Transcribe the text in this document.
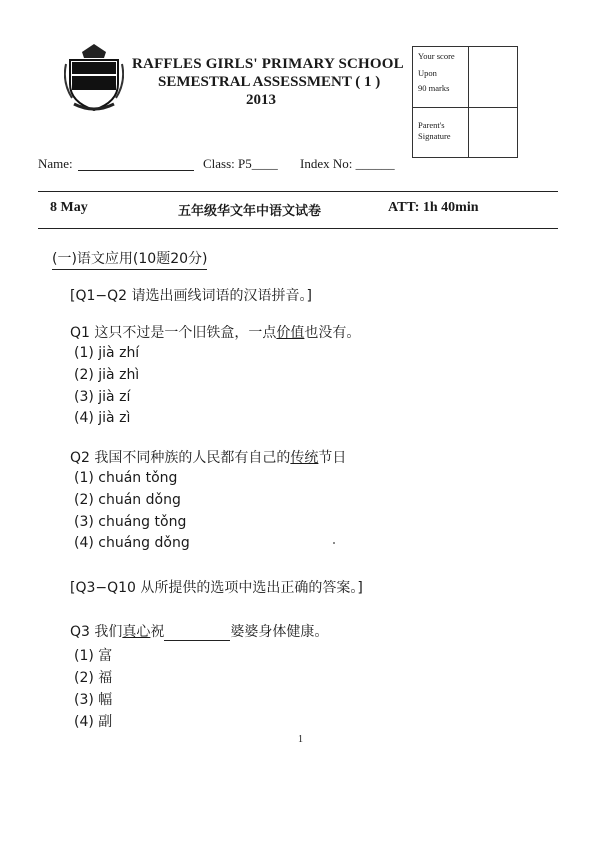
RAFFLES GIRLS' PRIMARY SCHOOL
SEMESTRAL ASSESSMENT ( 1 )
2013
Your score
Upon
90 marks
Parent's
Signature
Name:	Class: P5____ Index No: ______
8 May	五年级华文年中语文试卷	ATT: 1h 40min
(一)语文应用(10题20分)
[Q1−Q2 请选出画线词语的汉语拼音。]
Q1 这只不过是一个旧铁盒，一点价值也没有。
(1) jià zhí
(2) jià zhì
(3) jià zí
(4) jià zì
Q2 我国不同种族的人民都有自己的传统节日
(1) chuán tǒng
(2) chuán dǒng
(3) chuáng tǒng
(4) chuáng dǒng
[Q3−Q10 从所提供的选项中选出正确的答案。]
Q3 我们真心祝	婆婆身体健康。
(1) 富
(2) 福
(3) 幅
(4) 副
1
